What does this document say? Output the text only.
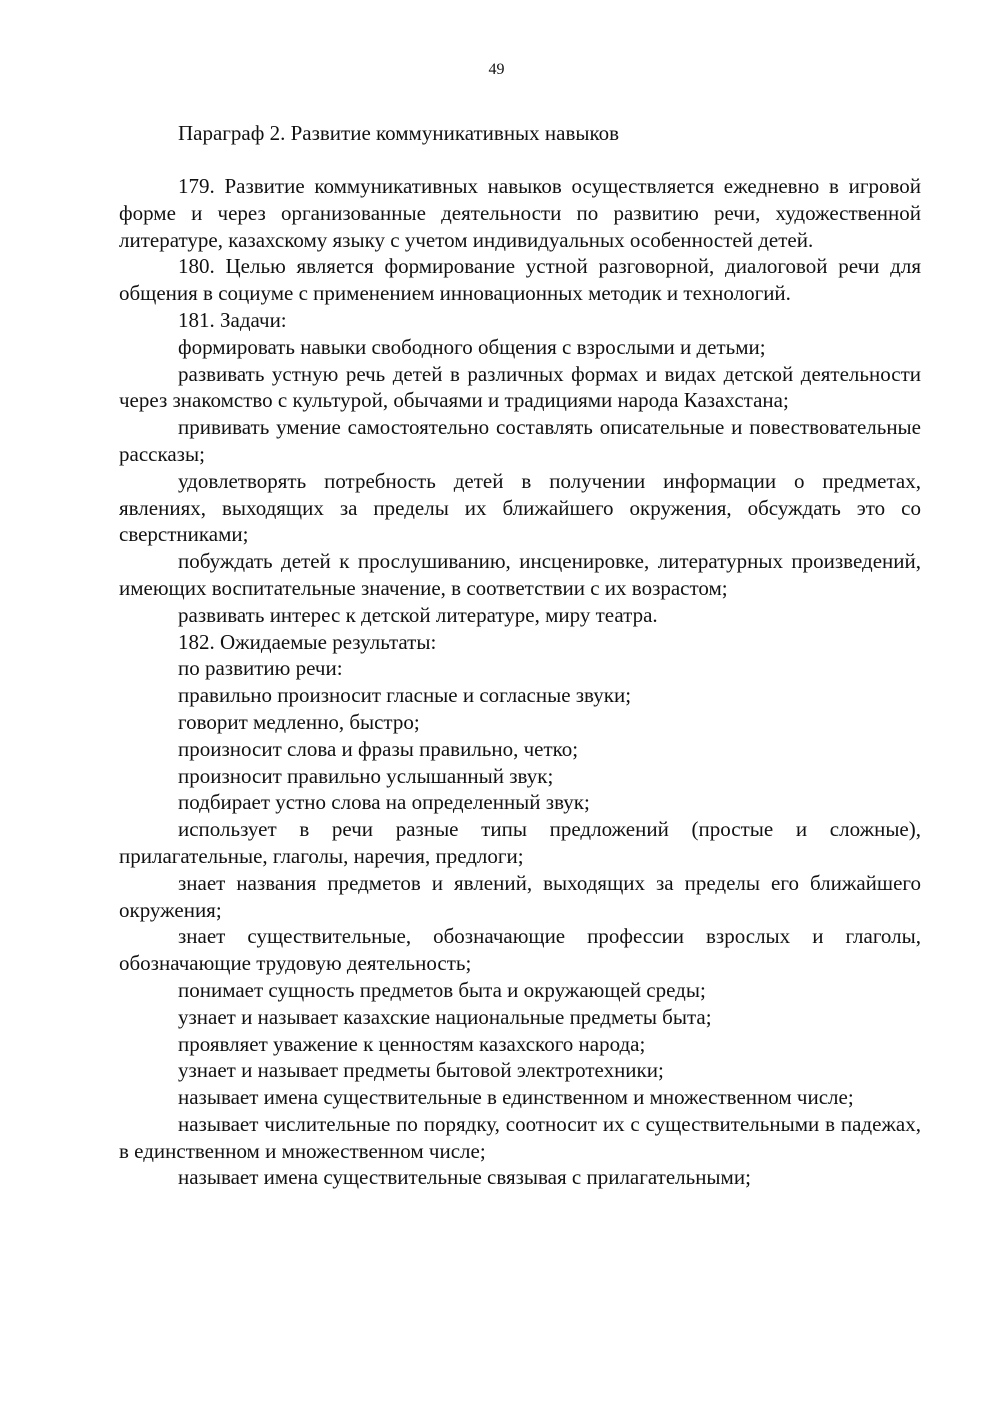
49
Параграф 2. Развитие коммуникативных навыков

179. Развитие коммуникативных навыков осуществляется ежедневно в игровой форме и через организованные деятельности по развитию речи, художественной литературе, казахскому языку с учетом индивидуальных особенностей детей.

180. Целью является формирование устной разговорной, диалоговой речи для общения в социуме с применением инновационных методик и технологий.

181. Задачи:

формировать навыки свободного общения с взрослыми и детьми;

развивать устную речь детей в различных формах и видах детской деятельности через знакомство с культурой, обычаями и традициями народа Казахстана;

прививать умение самостоятельно составлять описательные и повествовательные рассказы;

удовлетворять потребность детей в получении информации о предметах, явлениях, выходящих за пределы их ближайшего окружения, обсуждать это со сверстниками;

побуждать детей к прослушиванию, инсценировке, литературных произведений, имеющих воспитательные значение, в соответствии с их возрастом;

развивать интерес к детской литературе, миру театра.

182. Ожидаемые результаты:

по развитию речи:

правильно произносит гласные и согласные звуки;

говорит медленно, быстро;

произносит слова и фразы правильно, четко;

произносит правильно услышанный звук;

подбирает устно слова на определенный звук;

использует в речи разные типы предложений (простые и сложные), прилагательные, глаголы, наречия, предлоги;

знает названия предметов и явлений, выходящих за пределы его ближайшего окружения;

знает существительные, обозначающие профессии взрослых и глаголы, обозначающие трудовую деятельность;

понимает сущность предметов быта и окружающей среды;

узнает и называет казахские национальные предметы быта;

проявляет уважение к ценностям казахского народа;

узнает и называет предметы бытовой электротехники;

называет имена существительные в единственном и множественном числе;

называет числительные по порядку, соотносит их с существительными в падежах, в единственном и множественном числе;

называет имена существительные связывая с прилагательными;
